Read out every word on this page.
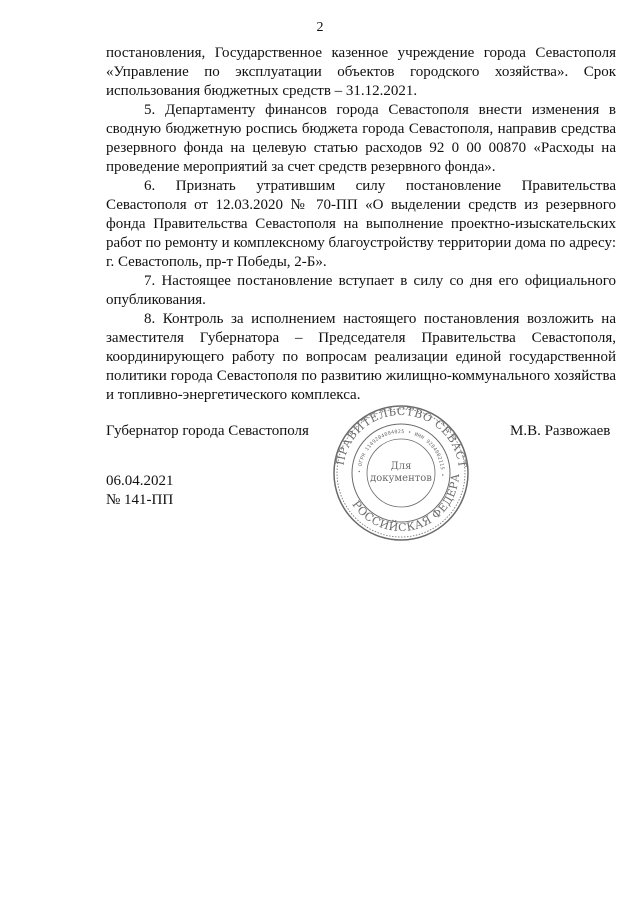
2

постановления, Государственное казенное учреждение города Севастополя «Управление по эксплуатации объектов городского хозяйства». Срок использования бюджетных средств – 31.12.2021.

5. Департаменту финансов города Севастополя внести изменения в сводную бюджетную роспись бюджета города Севастополя, направив средства резервного фонда на целевую статью расходов 92 0 00 00870 «Расходы на проведение мероприятий за счет средств резервного фонда».

6. Признать утратившим силу постановление Правительства Севастополя от 12.03.2020 № 70-ПП «О выделении средств из резервного фонда Правительства Севастополя на выполнение проектно-изыскательских работ по ремонту и комплексному благоустройству территории дома по адресу: г. Севастополь, пр-т Победы, 2-Б».

7. Настоящее постановление вступает в силу со дня его официального опубликования.

8. Контроль за исполнением настоящего постановления возложить на заместителя Губернатора – Председателя Правительства Севастополя, координирующего работу по вопросам реализации единой государственной политики города Севастополя по развитию жилищно-коммунального хозяйства и топливно-энергетического комплекса.

Губернатор города Севастополя
ПРАВИТЕЛЬСТВО СЕВАСТ
РОССИЙСКАЯ ФЕДЕРА
• ОГРН 1149204004025 • ИНН 9204002115 •
Для
документов
М.В. Развожаев
06.04.2021
№ 141-ПП
